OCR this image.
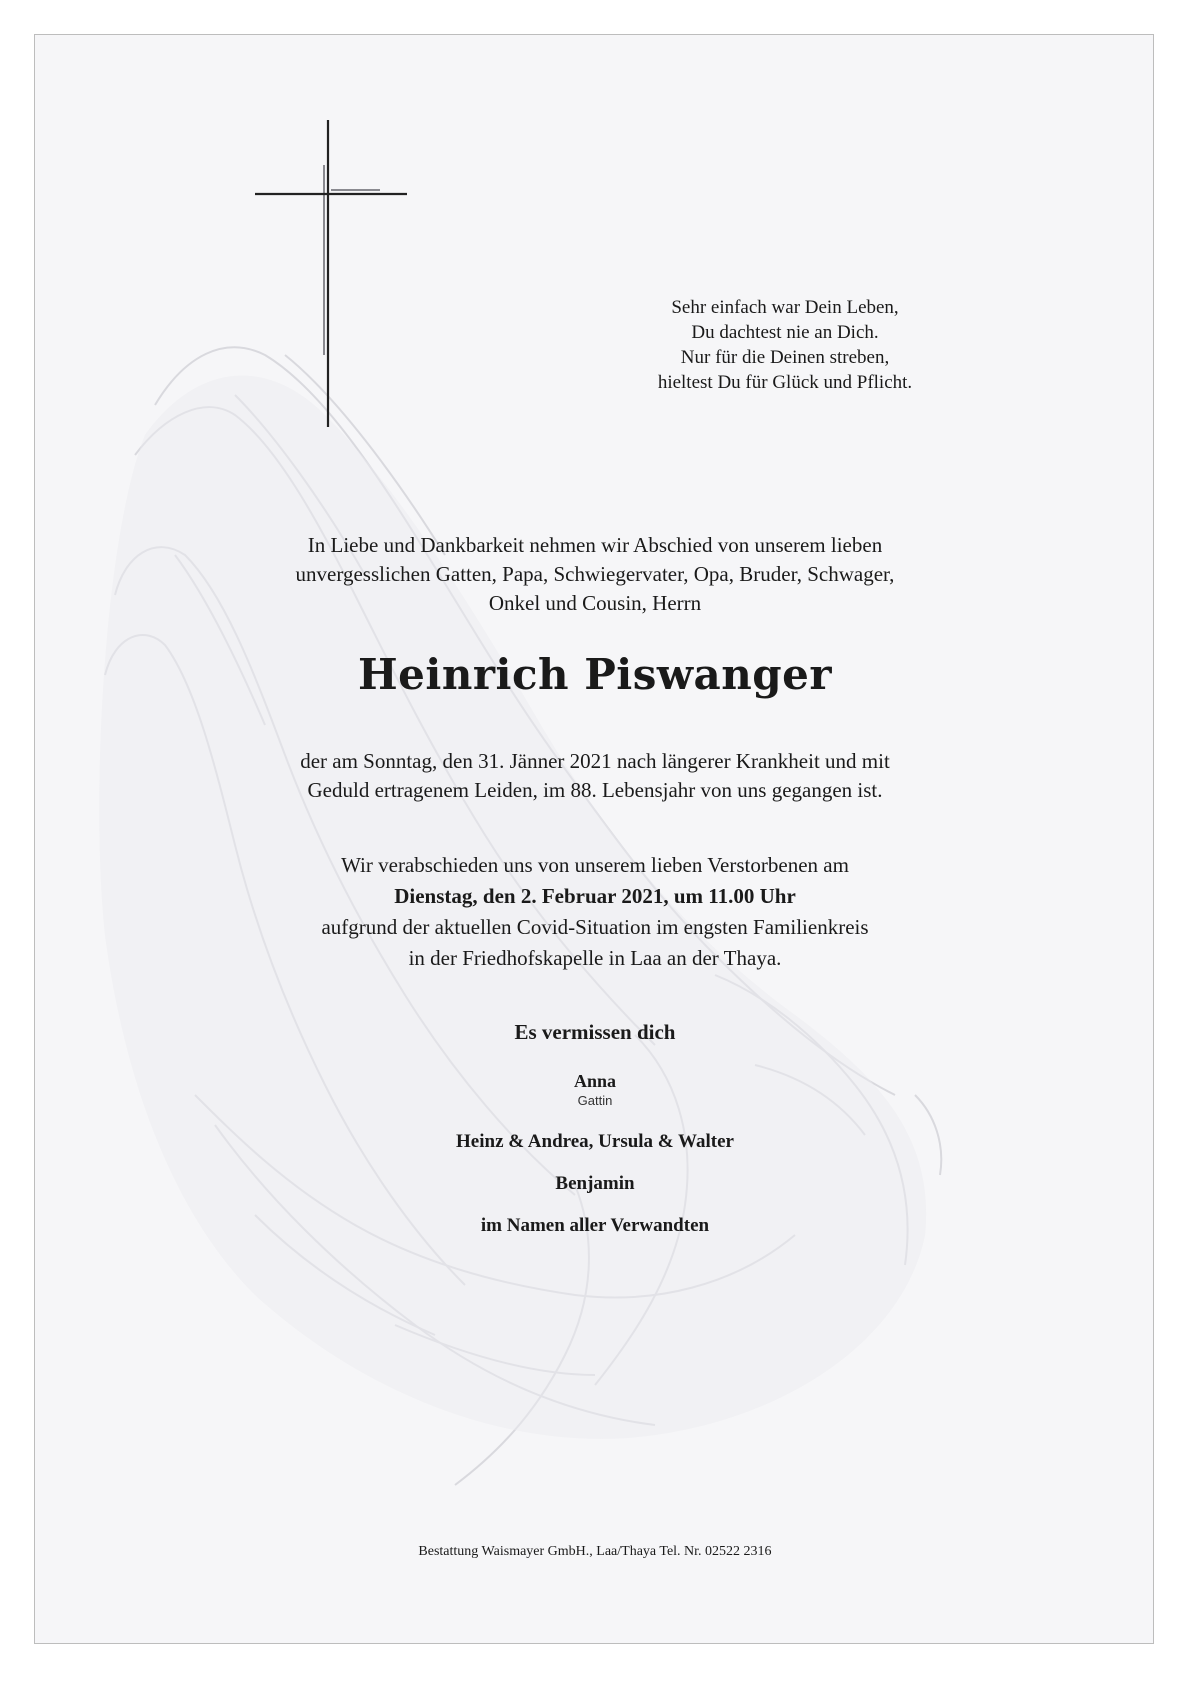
Sehr einfach war Dein Leben,
Du dachtest nie an Dich.
Nur für die Deinen streben,
hieltest Du für Glück und Pflicht.
In Liebe und Dankbarkeit nehmen wir Abschied von unserem lieben
unvergesslichen Gatten, Papa, Schwiegervater, Opa, Bruder, Schwager,
Onkel und Cousin, Herrn
Heinrich Piswanger
der am Sonntag, den 31. Jänner 2021 nach längerer Krankheit und mit
Geduld ertragenem Leiden, im 88. Lebensjahr von uns gegangen ist.
Wir verabschieden uns von unserem lieben Verstorbenen am
Dienstag, den 2. Februar 2021, um 11.00 Uhr
aufgrund der aktuellen Covid-Situation im engsten Familienkreis
in der Friedhofskapelle in Laa an der Thaya.
Es vermissen dich
Anna
Gattin
Heinz & Andrea, Ursula & Walter
Benjamin
im Namen aller Verwandten
Bestattung Waismayer GmbH., Laa/Thaya Tel. Nr. 02522 2316
